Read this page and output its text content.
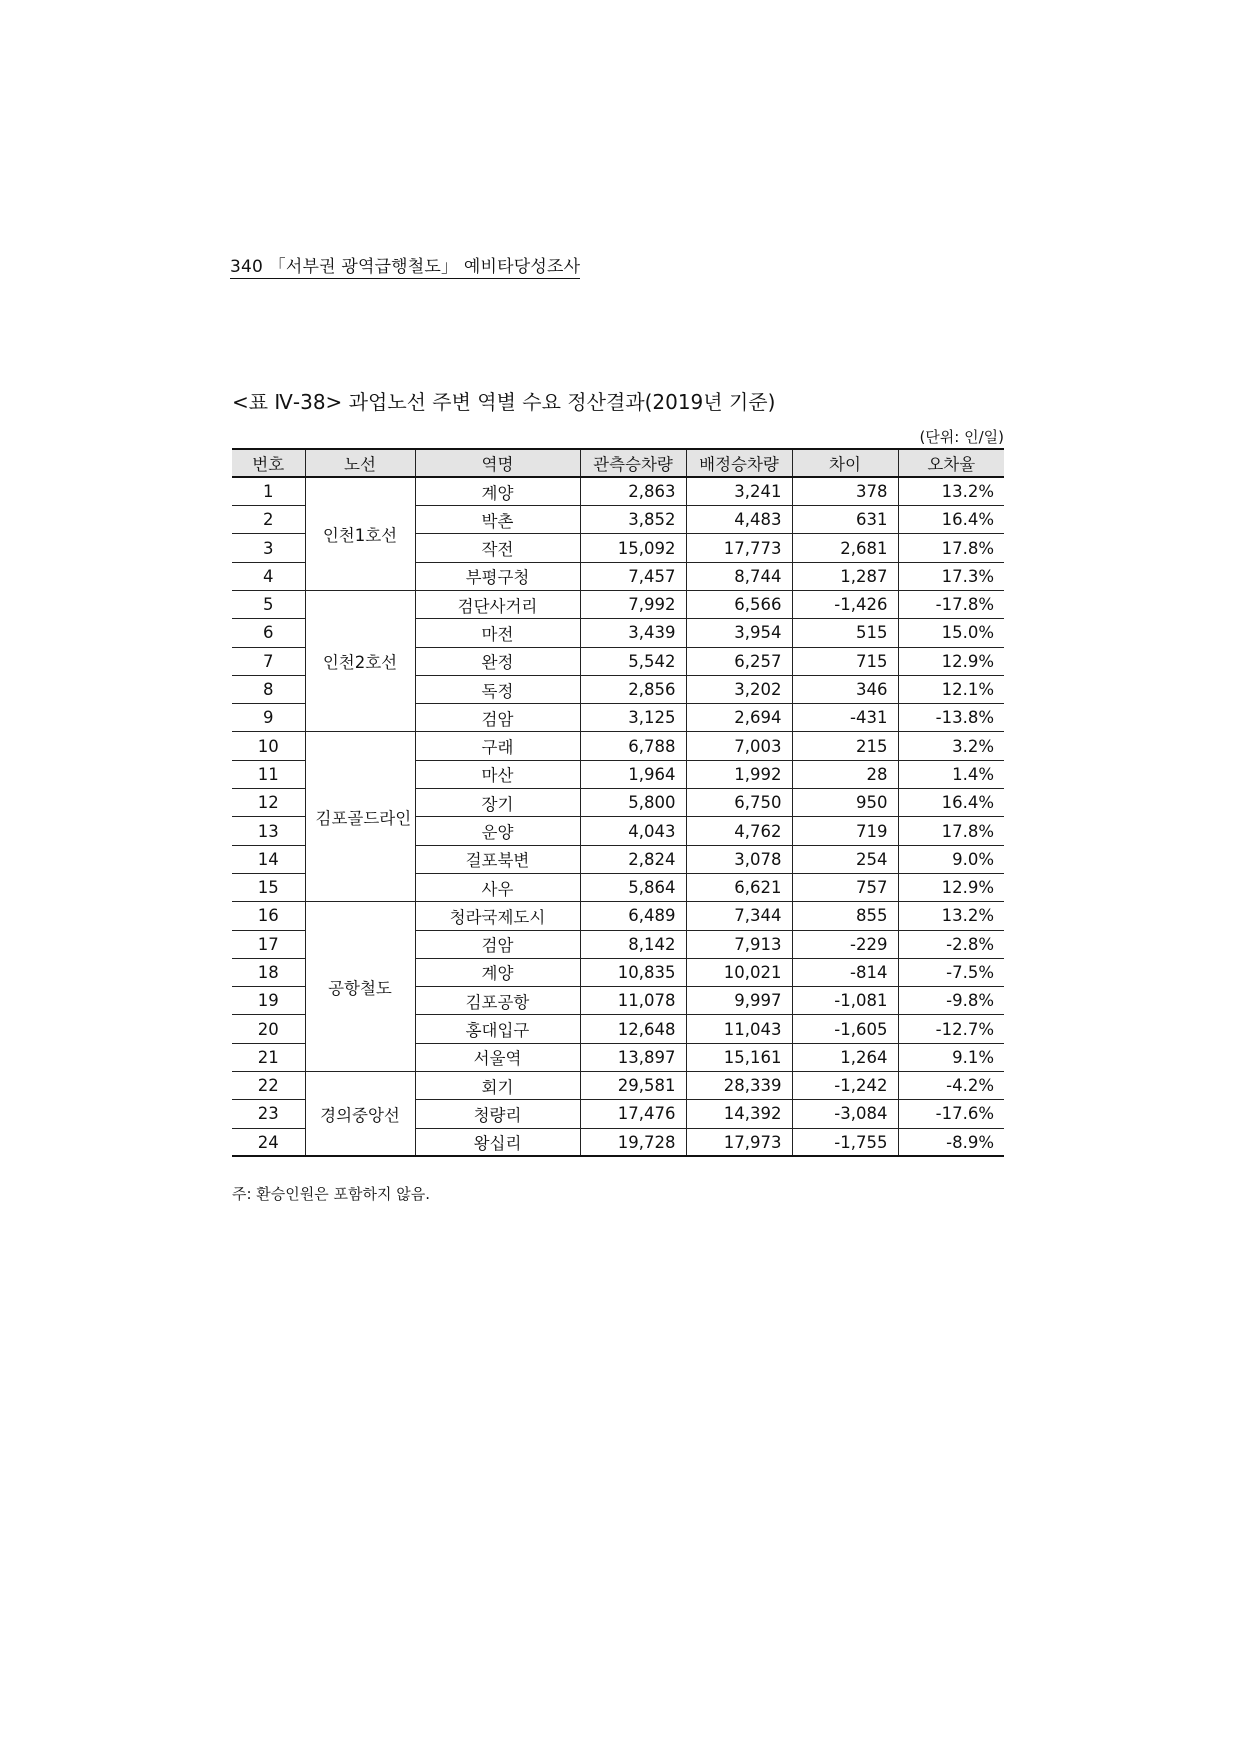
340 「서부권 광역급행철도」 예비타당성조사
<표 Ⅳ-38> 과업노선 주변 역별 수요 정산결과(2019년 기준)
(단위: 인/일)
번호	노선	역명	관측승차량	배정승차량	차이	오차율
1	인천1호선	계양	2,863	3,241	378	13.2%
2		박촌	3,852	4,483	631	16.4%
3		작전	15,092	17,773	2,681	17.8%
4		부평구청	7,457	8,744	1,287	17.3%
5	인천2호선	검단사거리	7,992	6,566	-1,426	-17.8%
6		마전	3,439	3,954	515	15.0%
7		완정	5,542	6,257	715	12.9%
8		독정	2,856	3,202	346	12.1%
9		검암	3,125	2,694	-431	-13.8%
10	김포골드라인	구래	6,788	7,003	215	3.2%
11		마산	1,964	1,992	28	1.4%
12		장기	5,800	6,750	950	16.4%
13		운양	4,043	4,762	719	17.8%
14		걸포북변	2,824	3,078	254	9.0%
15		사우	5,864	6,621	757	12.9%
16	공항철도	청라국제도시	6,489	7,344	855	13.2%
17		검암	8,142	7,913	-229	-2.8%
18		계양	10,835	10,021	-814	-7.5%
19		김포공항	11,078	9,997	-1,081	-9.8%
20		홍대입구	12,648	11,043	-1,605	-12.7%
21		서울역	13,897	15,161	1,264	9.1%
22	경의중앙선	회기	29,581	28,339	-1,242	-4.2%
23		청량리	17,476	14,392	-3,084	-17.6%
24		왕십리	19,728	17,973	-1,755	-8.9%
주: 환승인원은 포함하지 않음.
